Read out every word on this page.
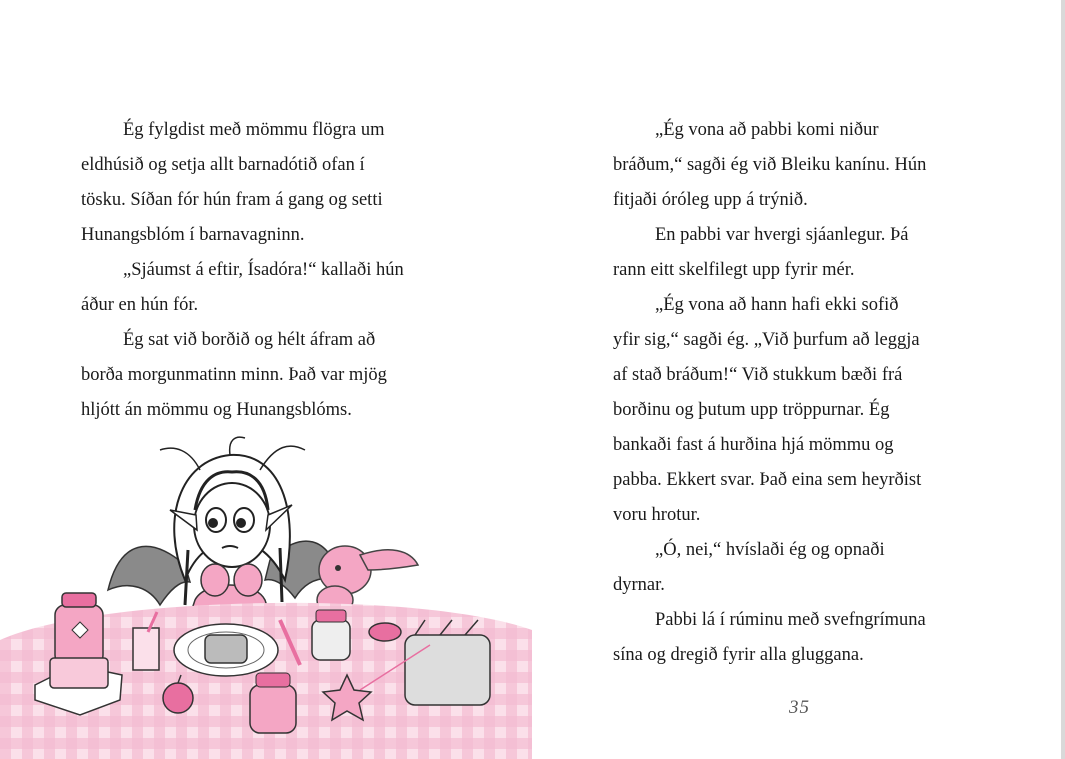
Ég fylgdist með mömmu flögra um
eldhúsið og setja allt barnadótið ofan í
tösku. Síðan fór hún fram á gang og setti
Hunangsblóm í barnavagninn.

„Sjáumst á eftir, Ísadóra!“ kallaði hún
áður en hún fór.

Ég sat við borðið og hélt áfram að
borða morgunmatinn minn. Það var mjög
hljótt án mömmu og Hunangsblóms.

„Ég vona að pabbi komi niður
bráðum,“ sagði ég við Bleiku kanínu. Hún
fitjaði óróleg upp á trýnið.

En pabbi var hvergi sjáanlegur. Þá
rann eitt skelfilegt upp fyrir mér.

„Ég vona að hann hafi ekki sofið
yfir sig,“ sagði ég. „Við þurfum að leggja
af stað bráðum!“ Við stukkum bæði frá
borðinu og þutum upp tröppurnar. Ég
bankaði fast á hurðina hjá mömmu og
pabba. Ekkert svar. Það eina sem heyrðist
voru hrotur.

„Ó, nei,“ hvíslaði ég og opnaði
dyrnar.

Pabbi lá í rúminu með svefngrímuna
sína og dregið fyrir alla gluggana.

35
